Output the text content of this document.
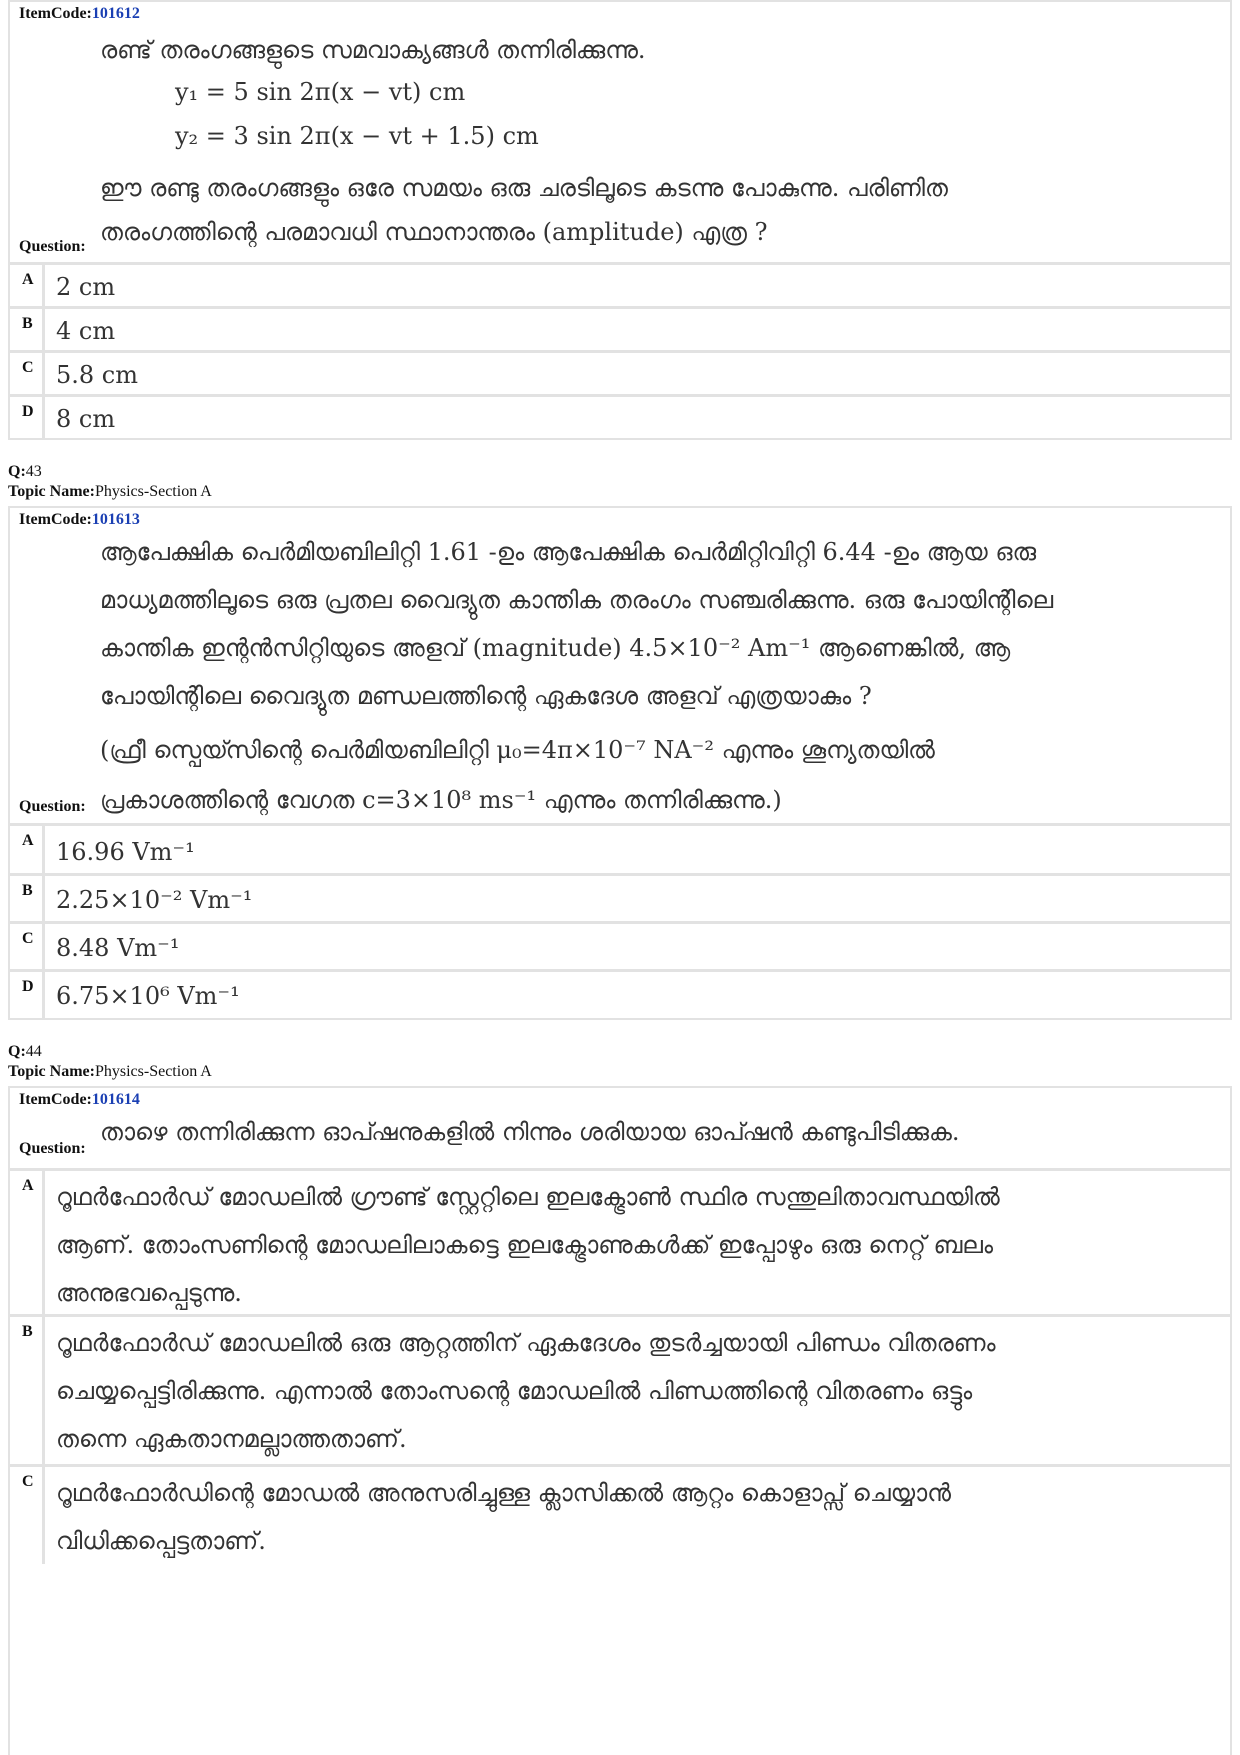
ItemCode:101612

രണ്ട് തരംഗങ്ങളുടെ സമവാക്യങ്ങൾ തന്നിരിക്കുന്നു.

y₁ = 5 sin 2π(x − vt) cm
y₂ = 3 sin 2π(x − vt + 1.5) cm

ഈ രണ്ടു തരംഗങ്ങളും ഒരേ സമയം ഒരു ചരടിലൂടെ കടന്നു പോകുന്നു. പരിണിത

തരംഗത്തിന്റെ പരമാവധി സ്ഥാനാന്തരം (amplitude) എത്ര ?

Question:
A 2 cm
B 4 cm
C 5.8 cm
D 8 cm
Q:43
Topic Name:Physics-Section A
ItemCode:101613

ആപേക്ഷിക പെർമിയബിലിറ്റി 1.61 -ഉം ആപേക്ഷിക പെർമിറ്റിവിറ്റി 6.44 -ഉം ആയ ഒരു

മാധ്യമത്തിലൂടെ ഒരു പ്രതല വൈദ്യുത കാന്തിക തരംഗം സഞ്ചരിക്കുന്നു. ഒരു പോയിന്റിലെ

കാന്തിക ഇന്റൻസിറ്റിയുടെ അളവ് (magnitude) 4.5×10⁻² Am⁻¹ ആണെങ്കിൽ, ആ

പോയിന്റിലെ വൈദ്യുത മണ്ഡലത്തിന്റെ ഏകദേശ അളവ് എത്രയാകും ?

(ഫ്രീ സ്പെയ്സിന്റെ പെർമിയബിലിറ്റി μ₀=4π×10⁻⁷ NA⁻² എന്നും ശൂന്യതയിൽ

പ്രകാശത്തിന്റെ വേഗത c=3×10⁸ ms⁻¹ എന്നും തന്നിരിക്കുന്നു.)

Question:
A 16.96 Vm⁻¹
B 2.25×10⁻² Vm⁻¹
C 8.48 Vm⁻¹
D 6.75×10⁶ Vm⁻¹
Q:44
Topic Name:Physics-Section A
ItemCode:101614
താഴെ തന്നിരിക്കുന്ന ഓപ്ഷനുകളിൽ നിന്നും ശരിയായ ഓപ്ഷൻ കണ്ടുപിടിക്കുക.
Question:
A റൂഥർഫോർഡ് മോഡലിൽ ഗ്രൗണ്ട് സ്റ്റേറ്റിലെ ഇലക്ട്രോൺ സ്ഥിര സന്തുലിതാവസ്ഥയിൽ
ആണ്. തോംസണിന്റെ മോഡലിലാകട്ടെ ഇലക്ട്രോണുകൾക്ക് ഇപ്പോഴും ഒരു നെറ്റ് ബലം
അനുഭവപ്പെടുന്നു.
B റൂഥർഫോർഡ് മോഡലിൽ ഒരു ആറ്റത്തിന് ഏകദേശം തുടർച്ചയായി പിണ്ഡം വിതരണം
ചെയ്യപ്പെട്ടിരിക്കുന്നു. എന്നാൽ തോംസന്റെ മോഡലിൽ പിണ്ഡത്തിന്റെ വിതരണം ഒട്ടും
തന്നെ ഏകതാനമല്ലാത്തതാണ്.
C റൂഥർഫോർഡിന്റെ മോഡൽ അനുസരിച്ചുള്ള ക്ലാസിക്കൽ ആറ്റം കൊളാപ്സ് ചെയ്യാൻ
വിധിക്കപ്പെട്ടതാണ്.
